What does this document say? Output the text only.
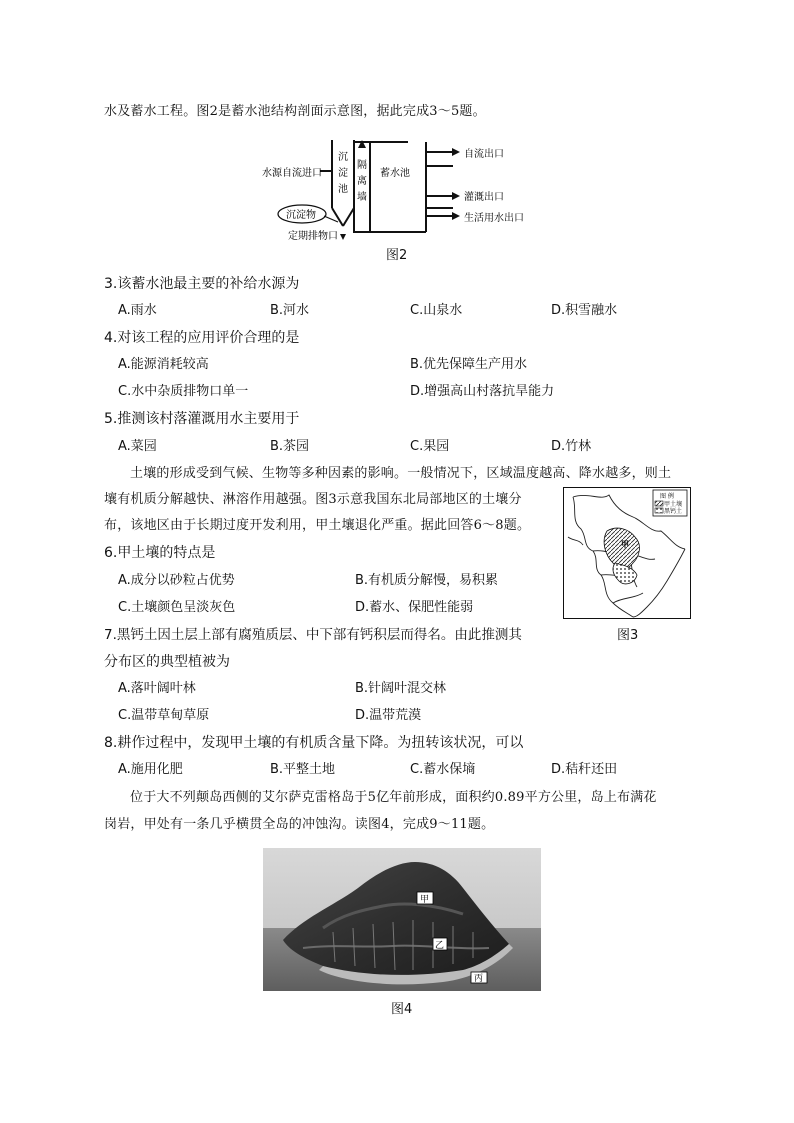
水及蓄水工程。图2是蓄水池结构剖面示意图，据此完成3～5题。
水源自流进口
沉
淀
池
隔
离
墙
蓄水池
沉淀物
定期排物口
自流出口
灌溉出口
生活用水出口
图2
3.该蓄水池最主要的补给水源为
A.雨水	B.河水	C.山泉水	D.积雪融水
4.对该工程的应用评价合理的是
A.能源消耗较高	B.优先保障生产用水
C.水中杂质排物口单一	D.增强高山村落抗旱能力
5.推测该村落灌溉用水主要用于
A.菜园	B.茶园	C.果园	D.竹林
土壤的形成受到气候、生物等多种因素的影响。一般情况下，区域温度越高、降水越多，则土
壤有机质分解越快、淋溶作用越强。图3示意我国东北局部地区的土壤分
布，该地区由于长期过度开发利用，甲土壤退化严重。据此回答6～8题。
图 例
甲土壤
黑钙土
甲
图3
6.甲土壤的特点是
A.成分以砂粒占优势	B.有机质分解慢，易积累
C.土壤颜色呈淡灰色	D.蓄水、保肥性能弱
7.黑钙土因土层上部有腐殖质层、中下部有钙积层而得名。由此推测其
分布区的典型植被为
A.落叶阔叶林	B.针阔叶混交林
C.温带草甸草原	D.温带荒漠
8.耕作过程中，发现甲土壤的有机质含量下降。为扭转该状况，可以
A.施用化肥	B.平整土地	C.蓄水保墒	D.秸秆还田
位于大不列颠岛西侧的艾尔萨克雷格岛于5亿年前形成，面积约0.89平方公里，岛上布满花
岗岩，甲处有一条几乎横贯全岛的冲蚀沟。读图4，完成9～11题。
甲
乙
丙
图4
